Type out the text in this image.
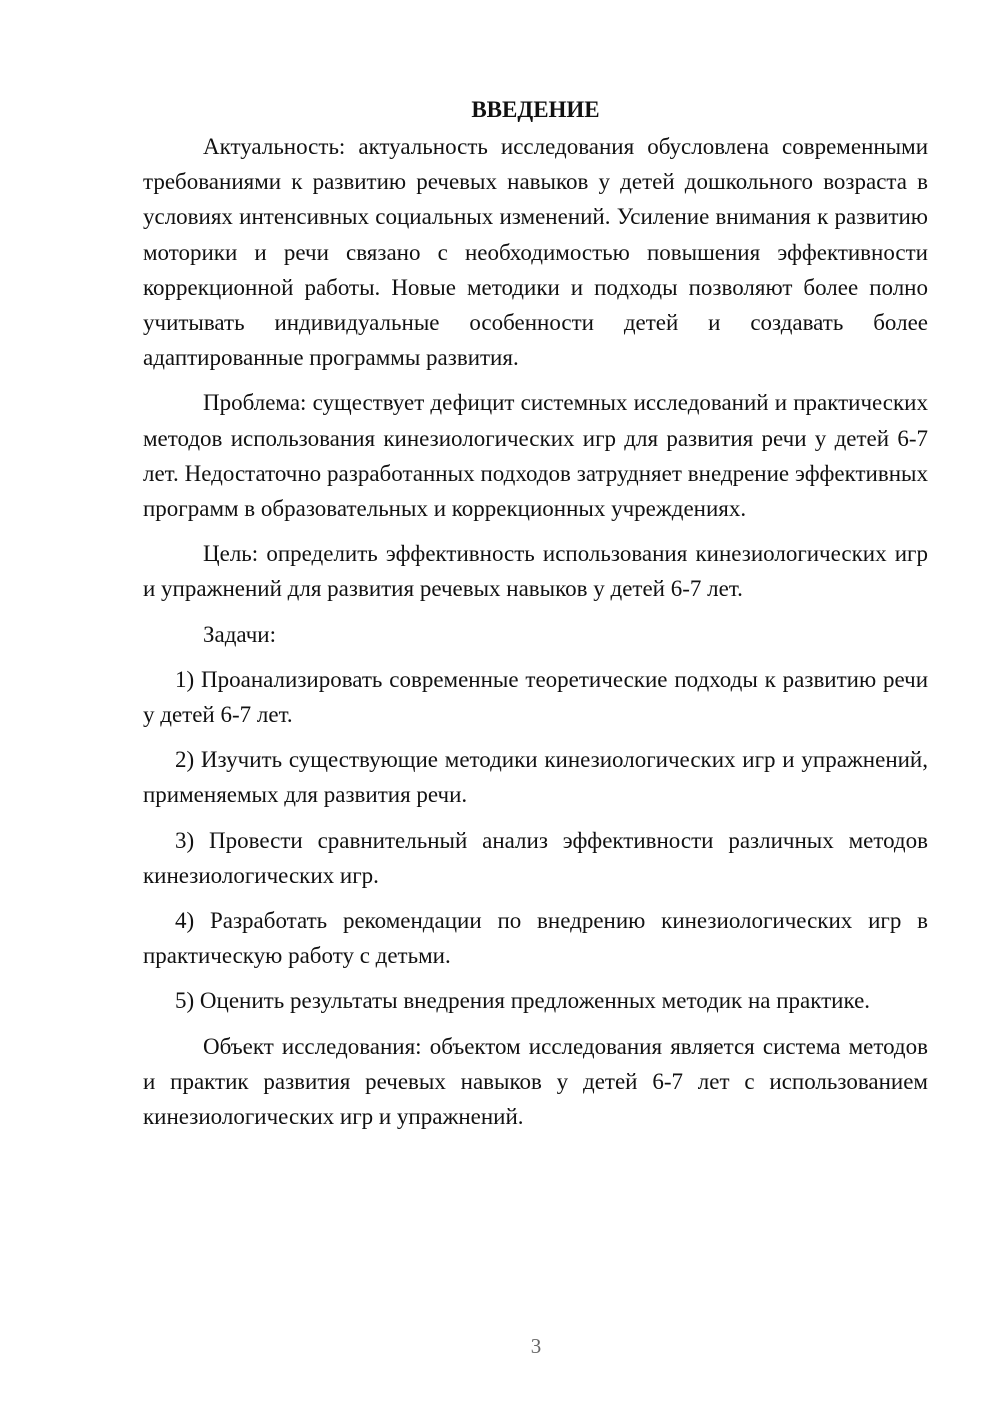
ВВЕДЕНИЕ

Актуальность: актуальность исследования обусловлена современными требованиями к развитию речевых навыков у детей дошкольного возраста в условиях интенсивных социальных изменений. Усиление внимания к развитию моторики и речи связано с необходимостью повышения эффективности коррекционной работы. Новые методики и подходы позволяют более полно учитывать индивидуальные особенности детей и создавать более адаптированные программы развития.

Проблема: существует дефицит системных исследований и практических методов использования кинезиологических игр для развития речи у детей 6-7 лет. Недостаточно разработанных подходов затрудняет внедрение эффективных программ в образовательных и коррекционных учреждениях.

Цель: определить эффективность использования кинезиологических игр и упражнений для развития речевых навыков у детей 6-7 лет.

Задачи:

1) Проанализировать современные теоретические подходы к развитию речи у детей 6-7 лет.

2) Изучить существующие методики кинезиологических игр и упражнений, применяемых для развития речи.

3) Провести сравнительный анализ эффективности различных методов кинезиологических игр.

4) Разработать рекомендации по внедрению кинезиологических игр в практическую работу с детьми.

5) Оценить результаты внедрения предложенных методик на практике.

Объект исследования: объектом исследования является система методов и практик развития речевых навыков у детей 6-7 лет с использованием кинезиологических игр и упражнений.

3
